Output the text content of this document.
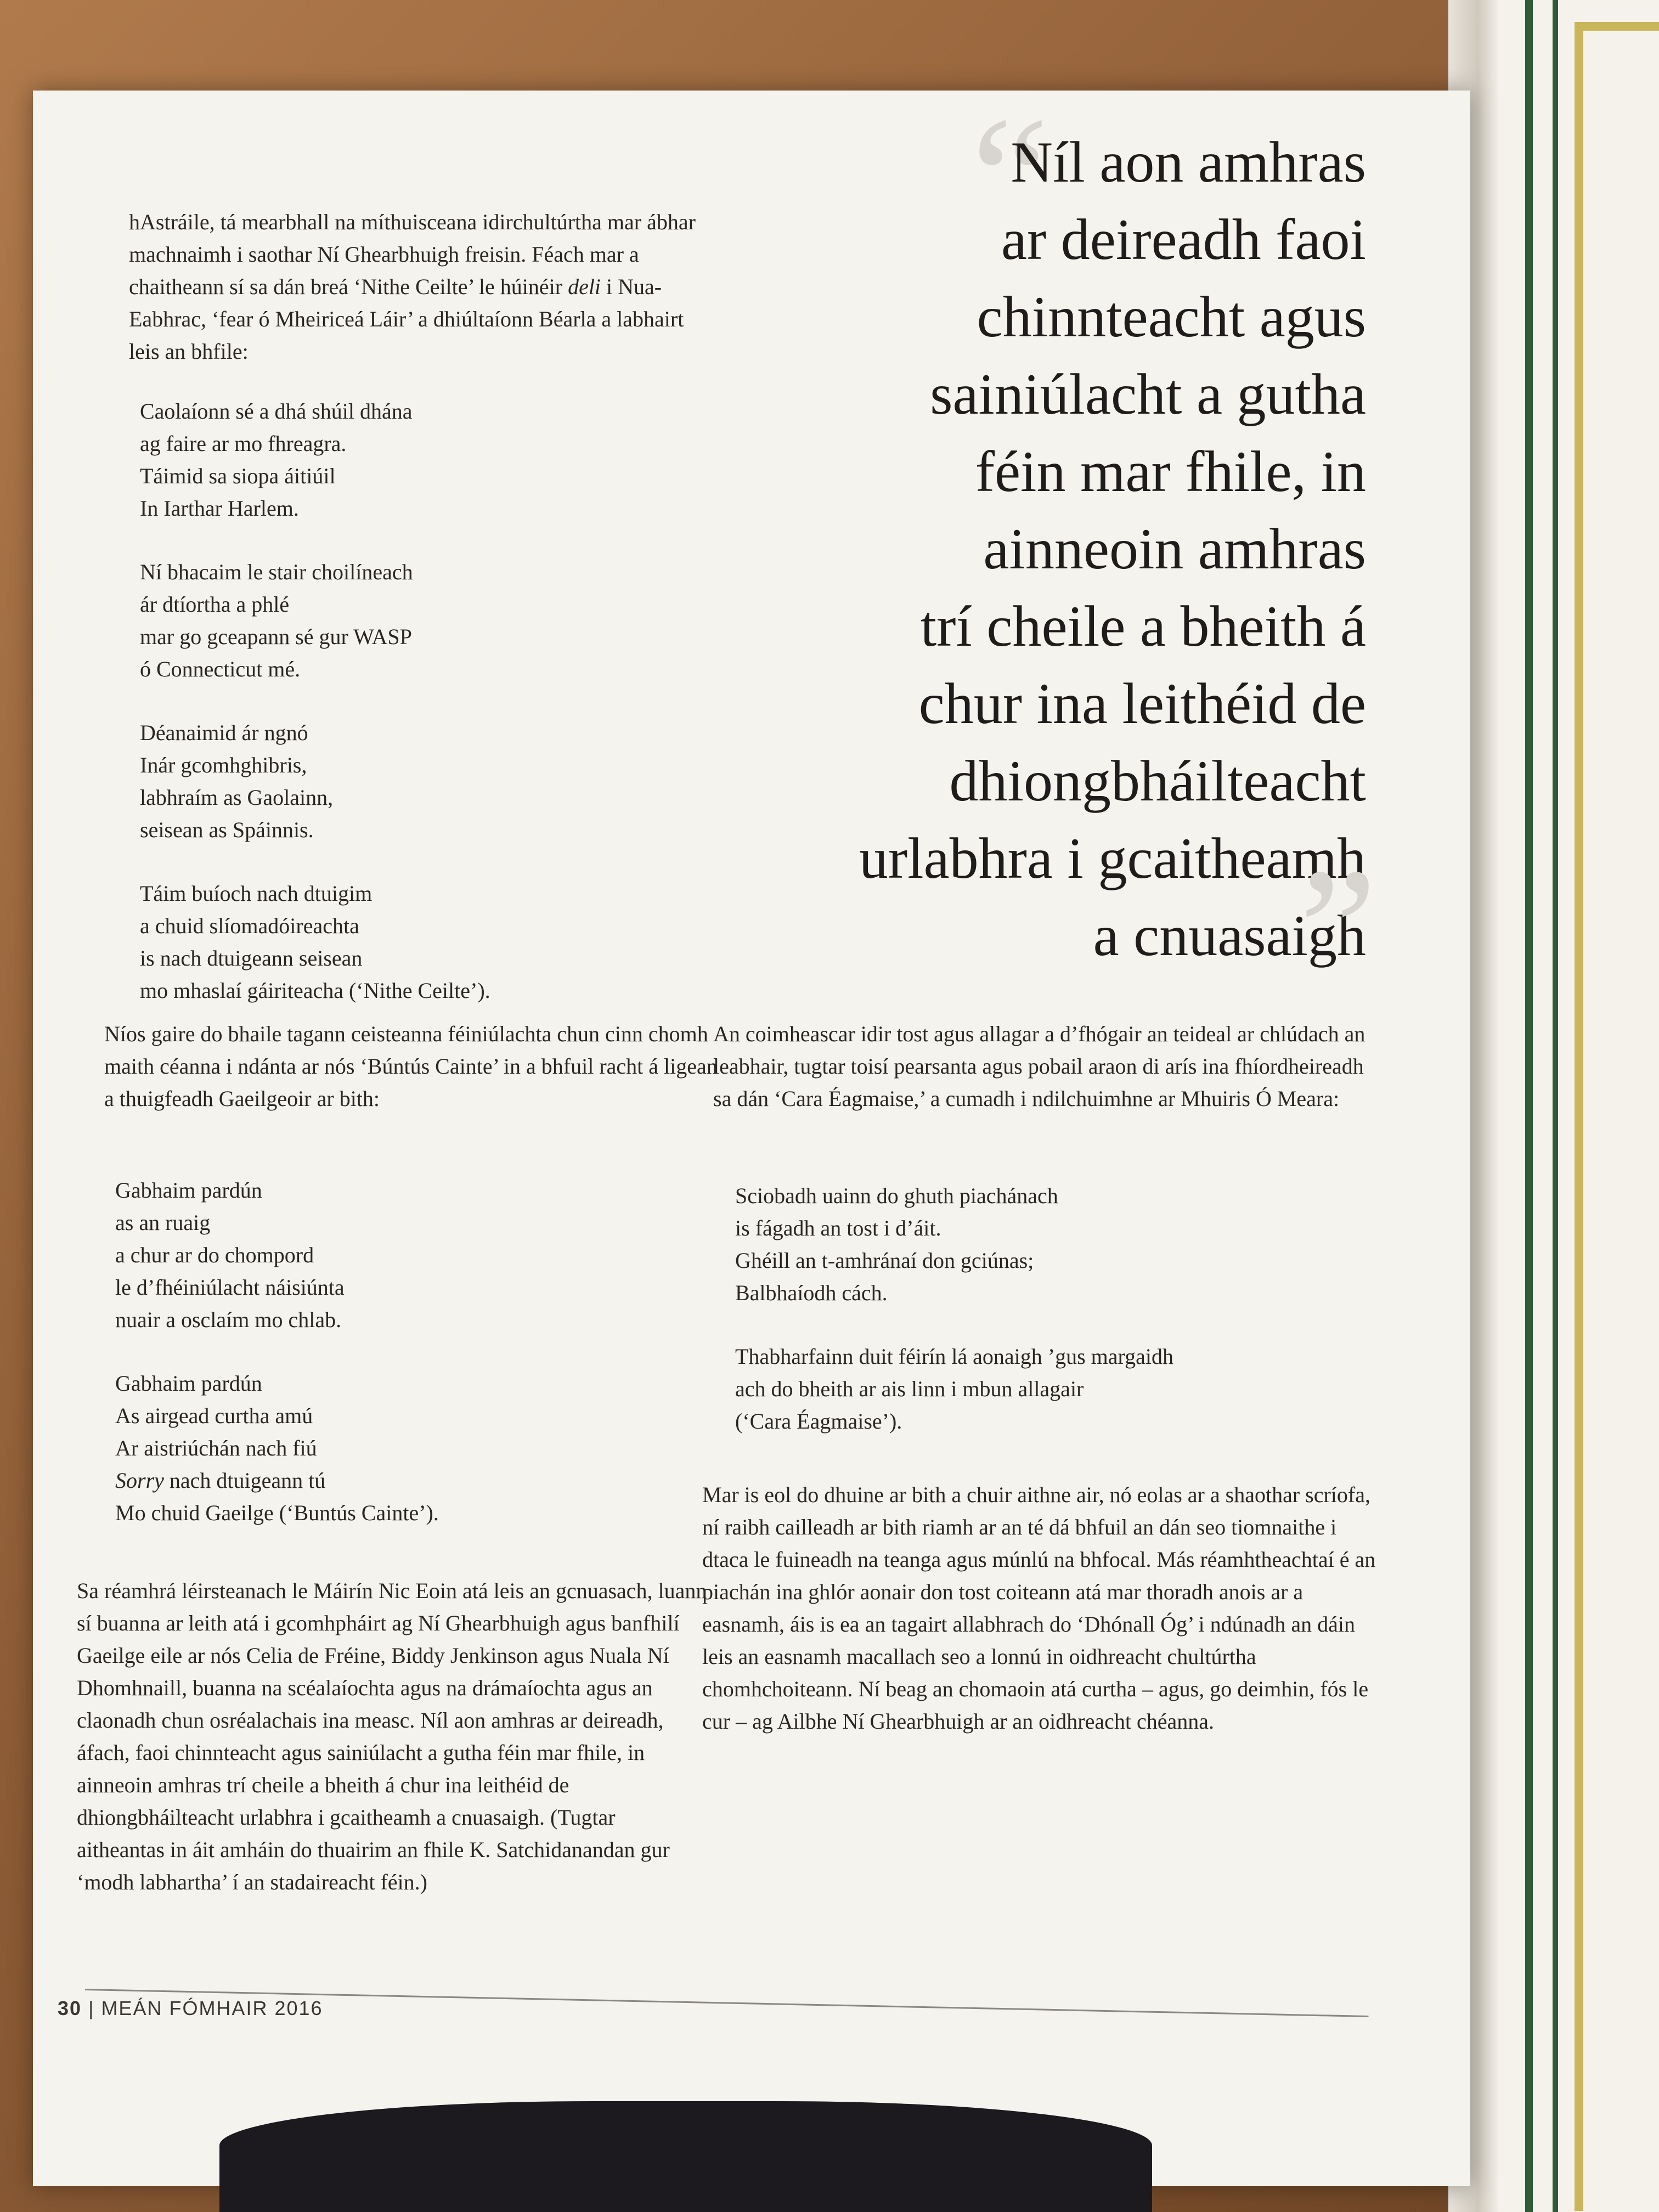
hAstráile, tá mearbhall na míthuisceana idirchultúrtha mar ábhar machnaimh i saothar Ní Ghearbhuigh freisin. Féach mar a chaitheann sí sa dán breá ‘Nithe Ceilte’ le húinéir deli i Nua-Eabhrac, ‘fear ó Mheiriceá Láir’ a dhiúltaíonn Béarla a labhairt leis an bhfile:

Caolaíonn sé a dhá shúil dhána
ag faire ar mo fhreagra.
Táimid sa siopa áitiúil
In Iarthar Harlem.
Ní bhacaim le stair choilíneach
ár dtíortha a phlé
mar go gceapann sé gur WASP
ó Connecticut mé.
Déanaimid ár ngnó
Inár gcomhghibris,
labhraím as Gaolainn,
seisean as Spáinnis.
Táim buíoch nach dtuigim
a chuid slíomadóireachta
is nach dtuigeann seisean
mo mhaslaí gáiriteacha (‘Nithe Ceilte’).
“
Níl aon amhras
ar deireadh faoi
chinnteacht agus
sainiúlacht a gutha
féin mar fhile, in
ainneoin amhras
trí cheile a bheith á
chur ina leithéid de
dhiongbháilteacht
urlabhra i gcaitheamh
a cnuasaigh
”

Níos gaire do bhaile tagann ceisteanna féiniúlachta chun cinn chomh maith céanna i ndánta ar nós ‘Búntús Cainte’ in a bhfuil racht á ligean a thuigfeadh Gaeilgeoir ar bith:

Gabhaim pardún
as an ruaig
a chur ar do chompord
le d’fhéiniúlacht náisiúnta
nuair a osclaím mo chlab.
Gabhaim pardún
As airgead curtha amú
Ar aistriúchán nach fiú
Sorry nach dtuigeann tú
Mo chuid Gaeilge (‘Buntús Cainte’).

Sa réamhrá léirsteanach le Máirín Nic Eoin atá leis an gcnuasach, luann sí buanna ar leith atá i gcomhpháirt ag Ní Ghearbhuigh agus banfhilí Gaeilge eile ar nós Celia de Fréine, Biddy Jenkinson agus Nuala Ní Dhomhnaill, buanna na scéalaíochta agus na drámaíochta agus an claonadh chun osréalachais ina measc. Níl aon amhras ar deireadh, áfach, faoi chinnteacht agus sainiúlacht a gutha féin mar fhile, in ainneoin amhras trí cheile a bheith á chur ina leithéid de dhiongbháilteacht urlabhra i gcaitheamh a cnuasaigh. (Tugtar aitheantas in áit amháin do thuairim an fhile K. Satchidanandan gur ‘modh labhartha’ í an stadaireacht féin.)

An coimheascar idir tost agus allagar a d’fhógair an teideal ar chlúdach an leabhair, tugtar toisí pearsanta agus pobail araon di arís ina fhíordheireadh sa dán ‘Cara Éagmaise,’ a cumadh i ndilchuimhne ar Mhuiris Ó Meara:

Sciobadh uainn do ghuth piachánach
is fágadh an tost i d’áit.
Ghéill an t-amhránaí don gciúnas;
Balbhaíodh cách.
Thabharfainn duit féirín lá aonaigh ’gus margaidh
ach do bheith ar ais linn i mbun allagair
(‘Cara Éagmaise’).

Mar is eol do dhuine ar bith a chuir aithne air, nó eolas ar a shaothar scríofa, ní raibh cailleadh ar bith riamh ar an té dá bhfuil an dán seo tiomnaithe i dtaca le fuineadh na teanga agus múnlú na bhfocal. Más réamhtheachtaí é an piachán ina ghlór aonair don tost coiteann atá mar thoradh anois ar a easnamh, áis is ea an tagairt allabhrach do ‘Dhónall Óg’ i ndúnadh an dáin leis an easnamh macallach seo a lonnú in oidhreacht chultúrtha chomhchoiteann. Ní beag an chomaoin atá curtha – agus, go deimhin, fós le cur – ag Ailbhe Ní Ghearbhuigh ar an oidhreacht chéanna.

30 | MEÁN FÓMHAIR 2016
